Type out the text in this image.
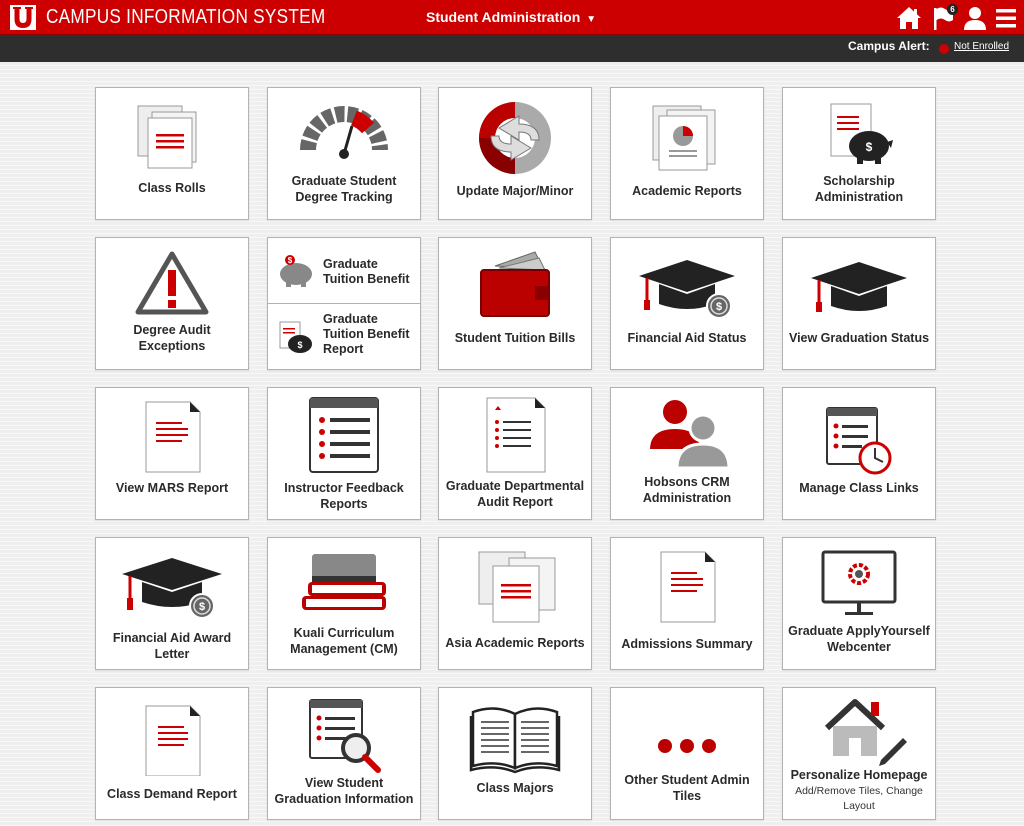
CAMPUS INFORMATION SYSTEM	Student Administration ▼
6
Campus Alert: Not Enrolled
Class Rolls	Graduate Student Degree Tracking	Update Major/Minor	Academic Reports
$
Scholarship Administration
Degree Audit Exceptions
$ Graduate Tuition Benefit
$
Graduate Tuition Benefit Report
Student Tuition Bills
$
Financial Aid Status	View Graduation Status
View MARS Report	Instructor Feedback Reports
Graduate Departmental Audit Report
Hobsons CRM Administration
Manage Class Links
$
Financial Aid Award Letter
Kuali Curriculum Management (CM)	Asia Academic Reports	Admissions Summary
Graduate ApplyYourself Webcenter
Class Demand Report
View Student Graduation Information
Class Majors
Other Student Admin Tiles
Personalize Homepage
Add/Remove Tiles, Change Layout
